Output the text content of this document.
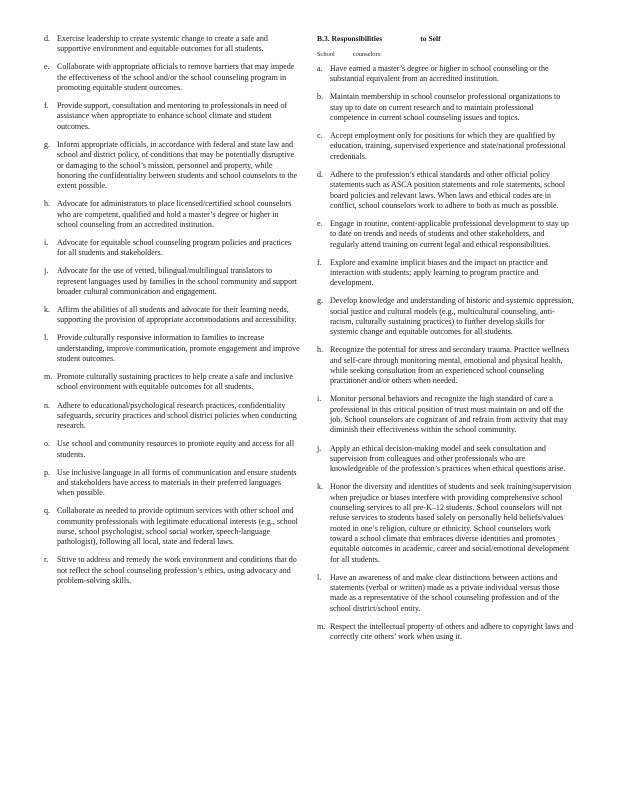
d. Exercise leadership to create systemic change to create a safe and supportive environment and equitable outcomes for all students.
e. Collaborate with appropriate officials to remove barriers that may impede the effectiveness of the school and/or the school counseling program in promoting equitable student outcomes.
f. Provide support, consultation and mentoring to professionals in need of assistance when appropriate to enhance school climate and student outcomes.
g. Inform appropriate officials, in accordance with federal and state law and school and district policy, of conditions that may be potentially disruptive or damaging to the school’s mission, personnel and property, while honoring the confidentiality between students and school counselors to the extent possible.
h. Advocate for administrators to place licensed/certified school counselors who are competent, qualified and hold a master’s degree or higher in school counseling from an accredited institution.
i. Advocate for equitable school counseling program policies and practices for all students and stakeholders.
j. Advocate for the use of vetted, bilingual/multilingual translators to represent languages used by families in the school community and support broader cultural communication and engagement.
k. Affirm the abilities of all students and advocate for their learning needs, supporting the provision of appropriate accommodations and accessibility.
l. Provide culturally responsive information to families to increase understanding, improve communication, promote engagement and improve student outcomes.
m. Promote culturally sustaining practices to help create a safe and inclusive school environment with equitable outcomes for all students.
n. Adhere to educational/psychological research practices, confidentiality safeguards, security practices and school district policies when conducting research.
o. Use school and community resources to promote equity and access for all students.
p. Use inclusive language in all forms of communication and ensure students and stakeholders have access to materials in their preferred languages when possible.
q. Collaborate as needed to provide optimum services with other school and community professionals with legitimate educational interests (e.g., school nurse, school psychologist, school social worker, speech-language pathologist), following all local, state and federal laws.
r. Strive to address and remedy the work environment and conditions that do not reflect the school counseling profession’s ethics, using advocacy and problem-solving skills.
B.3. Responsibilities	to Self
School	counselors:
a. Have earned a master’s degree or higher in school counseling or the substantial equivalent from an accredited institution.
b. Maintain membership in school counselor professional organizations to stay up to date on current research and to maintain professional competence in current school counseling issues and topics.
c. Accept employment only for positions for which they are qualified by education, training, supervised experience and state/national professional credentials.
d. Adhere to the profession’s ethical standards and other official policy statements such as ASCA position statements and role statements, school board policies and relevant laws. When laws and ethical codes are in conflict, school counselors work to adhere to both as much as possible.
e. Engage in routine, content-applicable professional development to stay up to date on trends and needs of students and other stakeholders, and regularly attend training on current legal and ethical responsibilities.
f. Explore and examine implicit biases and the impact on practice and interaction with students; apply learning to program practice and development.
g. Develop knowledge and understanding of historic and systemic oppression, social justice and cultural models (e.g., multicultural counseling, anti-racism, culturally sustaining practices) to further develop skills for systemic change and equitable outcomes for all students.
h. Recognize the potential for stress and secondary trauma. Practice wellness and self-care through monitoring mental, emotional and physical health, while seeking consultation from an experienced school counseling practitioner and/or others when needed.
i. Monitor personal behaviors and recognize the high standard of care a professional in this critical position of trust must maintain on and off the job. School counselors are cognizant of and refrain from activity that may diminish their effectiveness within the school community.
j. Apply an ethical decision-making model and seek consultation and supervision from colleagues and other professionals who are knowledgeable of the profession’s practices when ethical questions arise.
k. Honor the diversity and identities of students and seek training/supervision when prejudice or biases interfere with providing comprehensive school counseling services to all pre-K–12 students. School counselors will not refuse services to students based solely on personally held beliefs/values rooted in one’s religion, culture or ethnicity. School counselors work toward a school climate that embraces diverse identities and promotes equitable outcomes in academic, career and social/emotional development for all students.
l. Have an awareness of and make clear distinctions between actions and statements (verbal or written) made as a private individual versus those made as a representative of the school counseling profession and of the school district/school entity.
m. Respect the intellectual property of others and adhere to copyright laws and correctly cite others’ work when using it.
